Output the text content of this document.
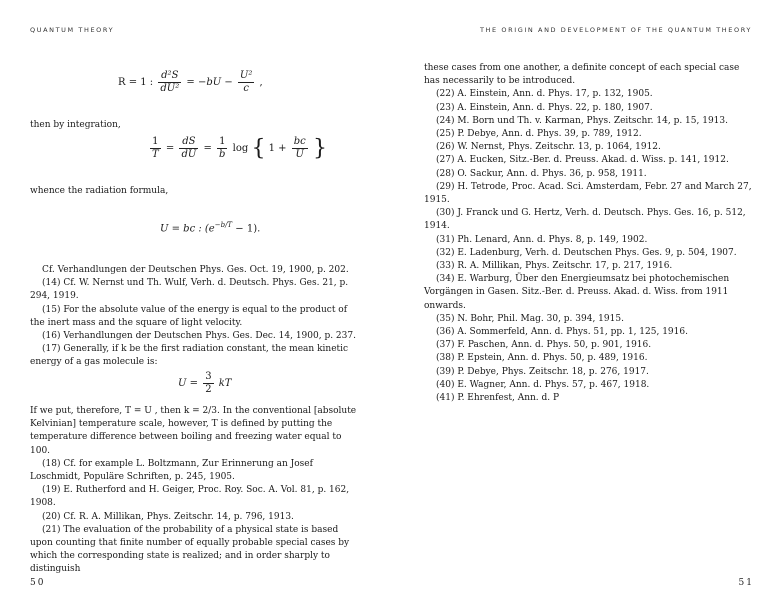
QUANTUM THEORY
R = 1 : $\frac{\text{d²S}}{\text{dU²}} = -bU - \frac{\text{U²}}{c}$ ,
then by integration,
$\frac{1}{T} = \frac{dS}{dU} = \frac{1}{b}$ log { $1 + \frac{bc}{U}$ }
whence the radiation formula,
U = bc : $(e^{-b/T} - 1)$.

Cf. Verhandlungen der Deutschen Phys. Ges. Oct. 19, 1900, p. 202.

(14) Cf. W. Nernst und Th. Wulf, Verh. d. Deutsch. Phys. Ges. 21, p. 294, 1919.

(15) For the absolute value of the energy is equal to the product of the inert mass and the square of light velocity.

(16) Verhandlungen der Deutschen Phys. Ges. Dec. 14, 1900, p. 237.

(17) Generally, if k be the first radiation constant, the mean kinetic energy of a gas molecule is:

$U = \frac{3}{2}$ kT

If we put, therefore, T = U , then k = 2/3. In the conventional [absolute Kelvinian] temperature scale, however, T is defined by putting the temperature difference between boiling and freezing water equal to 100.

(18) Cf. for example L. Boltzmann, Zur Erinnerung an Josef Loschmidt, Populäre Schriften, p. 245, 1905.

(19) E. Rutherford and H. Geiger, Proc. Roy. Soc. A. Vol. 81, p. 162, 1908.

(20) Cf. R. A. Millikan, Phys. Zeitschr. 14, p. 796, 1913.

(21) The evaluation of the probability of a physical state is based upon counting that finite number of equally probable special cases by which the corresponding state is realized; and in order sharply to distinguish

50
THE ORIGIN AND DEVELOPMENT OF THE QUANTUM THEORY

these cases from one another, a definite concept of each special case has necessarily to be introduced.

(22) A. Einstein, Ann. d. Phys. 17, p. 132, 1905.

(23) A. Einstein, Ann. d. Phys. 22, p. 180, 1907.

(24) M. Born und Th. v. Karman, Phys. Zeitschr. 14, p. 15, 1913.

(25) P. Debye, Ann. d. Phys. 39, p. 789, 1912.

(26) W. Nernst, Phys. Zeitschr. 13, p. 1064, 1912.

(27) A. Eucken, Sitz.-Ber. d. Preuss. Akad. d. Wiss. p. 141, 1912.

(28) O. Sackur, Ann. d. Phys. 36, p. 958, 1911.

(29) H. Tetrode, Proc. Acad. Sci. Amsterdam, Febr. 27 and March 27, 1915.

(30) J. Franck und G. Hertz, Verh. d. Deutsch. Phys. Ges. 16, p. 512, 1914.

(31) Ph. Lenard, Ann. d. Phys. 8, p. 149, 1902.

(32) E. Ladenburg, Verh. d. Deutschen Phys. Ges. 9, p. 504, 1907.

(33) R. A. Millikan, Phys. Zeitschr. 17, p. 217, 1916.

(34) E. Warburg, Über den Energieumsatz bei photochemischen Vorgängen in Gasen. Sitz.-Ber. d. Preuss. Akad. d. Wiss. from 1911 onwards.

(35) N. Bohr, Phil. Mag. 30, p. 394, 1915.

(36) A. Sommerfeld, Ann. d. Phys. 51, pp. 1, 125, 1916.

(37) F. Paschen, Ann. d. Phys. 50, p. 901, 1916.

(38) P. Epstein, Ann. d. Phys. 50, p. 489, 1916.

(39) P. Debye, Phys. Zeitschr. 18, p. 276, 1917.

(40) E. Wagner, Ann. d. Phys. 57, p. 467, 1918.

(41) P. Ehrenfest, Ann. d. P

51
